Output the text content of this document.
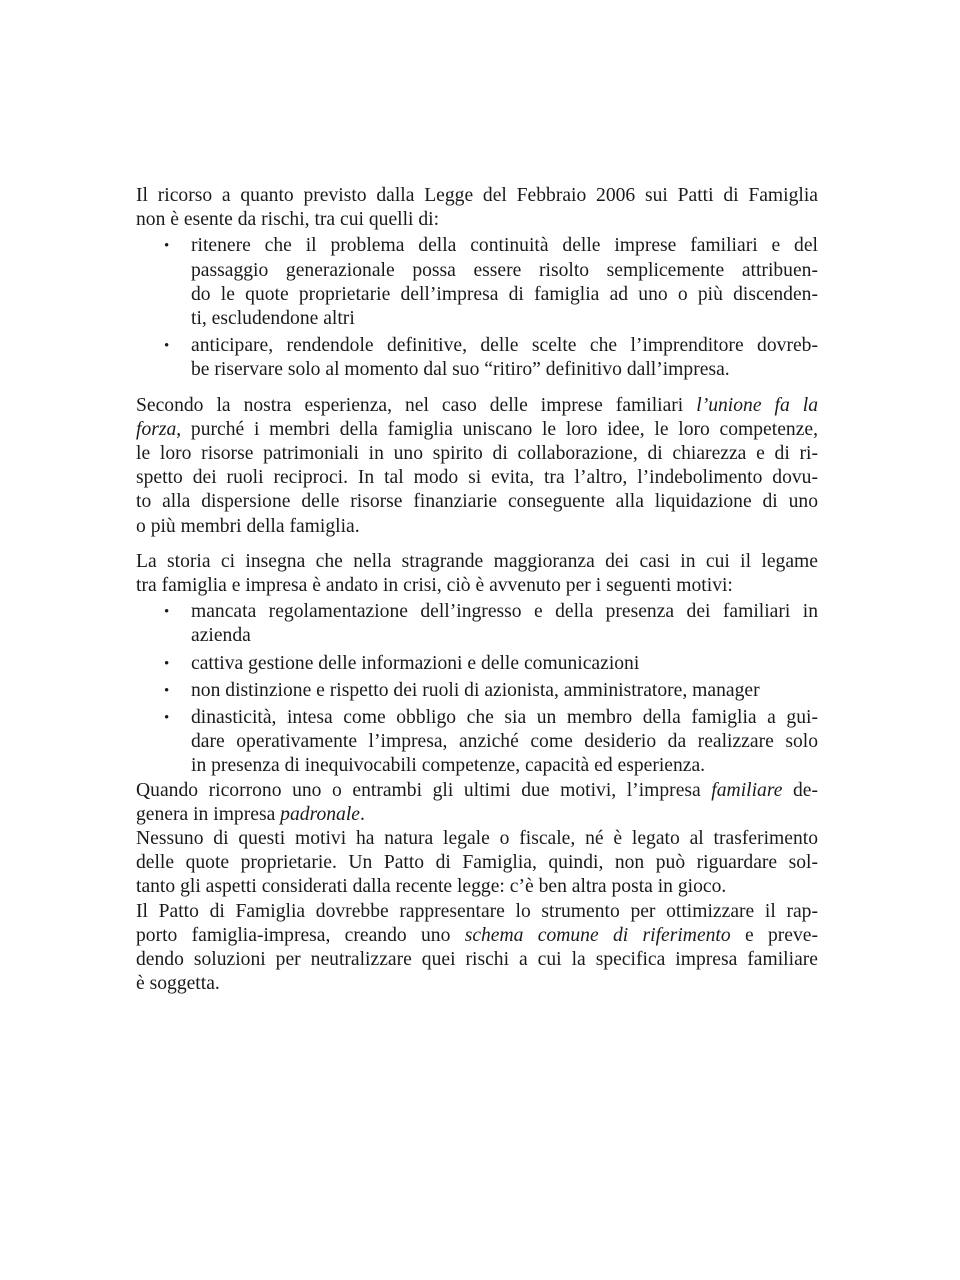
Il ricorso a quanto previsto dalla Legge del Febbraio 2006 sui Patti di Famiglia
non è esente da rischi, tra cui quelli di:
• ritenere che il problema della continuità delle imprese familiari e del
passaggio generazionale possa essere risolto semplicemente attribuen-
do le quote proprietarie dell’impresa di famiglia ad uno o più discenden-
ti, escludendone altri
• anticipare, rendendole definitive, delle scelte che l’imprenditore dovreb-
be riservare solo al momento dal suo “ritiro” definitivo dall’impresa.
Secondo la nostra esperienza, nel caso delle imprese familiari l’unione fa la
forza, purché i membri della famiglia uniscano le loro idee, le loro competenze,
le loro risorse patrimoniali in uno spirito di collaborazione, di chiarezza e di ri-
spetto dei ruoli reciproci. In tal modo si evita, tra l’altro, l’indebolimento dovu-
to alla dispersione delle risorse finanziarie conseguente alla liquidazione di uno
o più membri della famiglia.
La storia ci insegna che nella stragrande maggioranza dei casi in cui il legame
tra famiglia e impresa è andato in crisi, ciò è avvenuto per i seguenti motivi:
• mancata regolamentazione dell’ingresso e della presenza dei familiari in
azienda
• cattiva gestione delle informazioni e delle comunicazioni
• non distinzione e rispetto dei ruoli di azionista, amministratore, manager
• dinasticità, intesa come obbligo che sia un membro della famiglia a gui-
dare operativamente l’impresa, anziché come desiderio da realizzare solo
in presenza di inequivocabili competenze, capacità ed esperienza.
Quando ricorrono uno o entrambi gli ultimi due motivi, l’impresa familiare de-
genera in impresa padronale.
Nessuno di questi motivi ha natura legale o fiscale, né è legato al trasferimento
delle quote proprietarie. Un Patto di Famiglia, quindi, non può riguardare sol-
tanto gli aspetti considerati dalla recente legge: c’è ben altra posta in gioco.
Il Patto di Famiglia dovrebbe rappresentare lo strumento per ottimizzare il rap-
porto famiglia-impresa, creando uno schema comune di riferimento e preve-
dendo soluzioni per neutralizzare quei rischi a cui la specifica impresa familiare
è soggetta.
